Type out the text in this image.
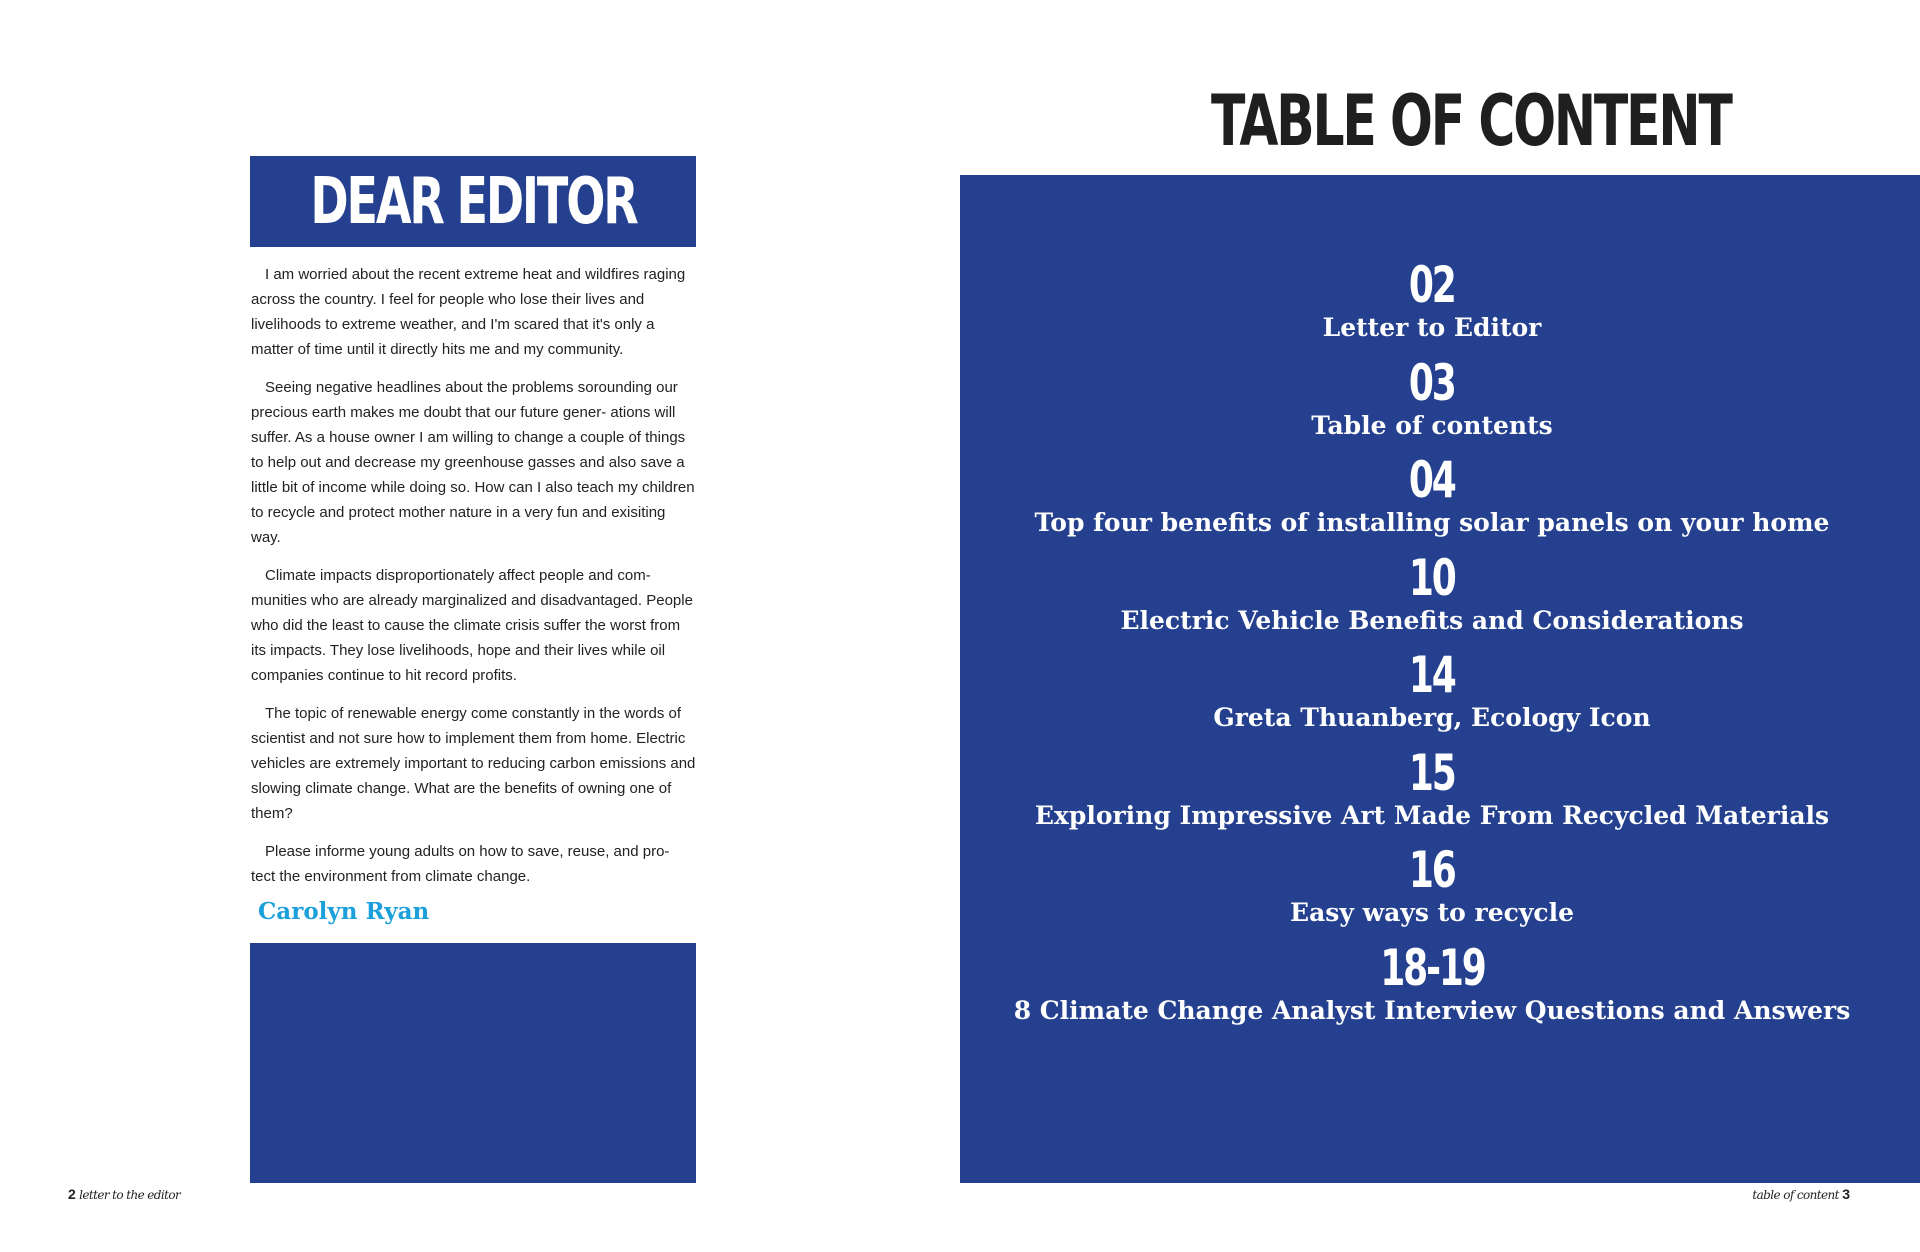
DEAR EDITOR

I am worried about the recent extreme heat and wildfires raging across the country. I feel for people who lose their lives and livelihoods to extreme weather, and I'm scared that it's only a matter of time until it directly hits me and my community.

Seeing negative headlines about the problems sorounding our precious earth makes me doubt that our future gener- ations will suffer. As a house owner I am willing to change a couple of things to help out and decrease my greenhouse gasses and also save a little bit of income while doing so. How can I also teach my children to recycle and protect mother nature in a very fun and exisiting way.

Climate impacts disproportionately affect people and com- munities who are already marginalized and disadvantaged. People who did the least to cause the climate crisis suffer the worst from its impacts. They lose livelihoods, hope and their lives while oil companies continue to hit record profits.

The topic of renewable energy come constantly in the words of scientist and not sure how to implement them from home. Electric vehicles are extremely important to reducing carbon emissions and slowing climate change. What are the benefits of owning one of them?

Please informe young adults on how to save, reuse, and pro- tect the environment from climate change.

Carolyn Ryan
2 letter to the editor
TABLE OF CONTENT
02
Letter to Editor
03
Table of contents
04
Top four benefits of installing solar panels on your home
10
Electric Vehicle Benefits and Considerations
14
Greta Thuanberg, Ecology Icon
15
Exploring Impressive Art Made From Recycled Materials
16
Easy ways to recycle
18-19
8 Climate Change Analyst Interview Questions and Answers
table of content 3
